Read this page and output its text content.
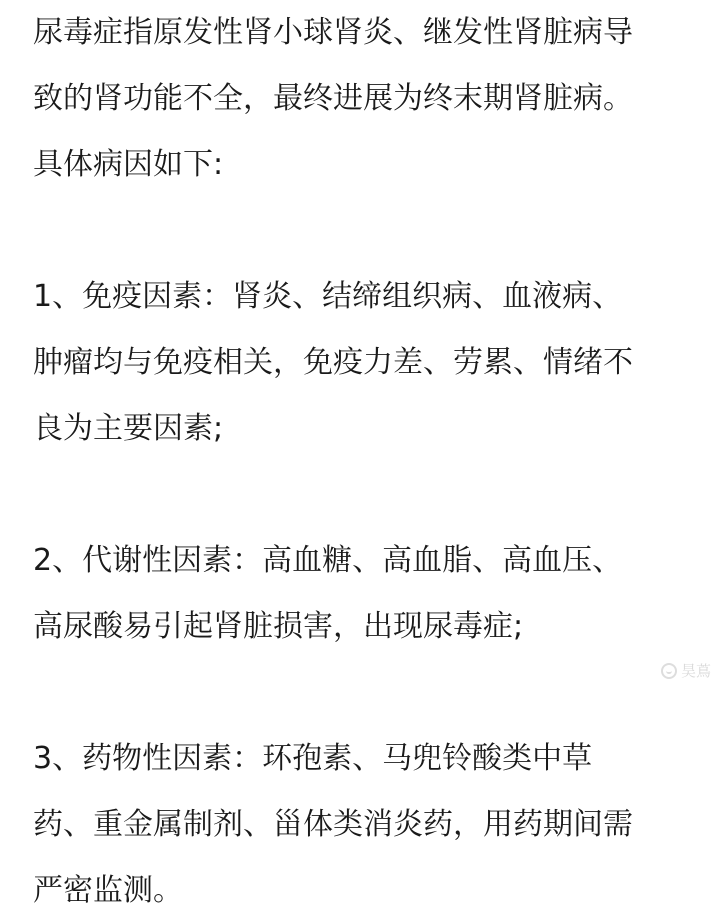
尿毒症指原发性肾小球肾炎、继发性肾脏病导
致的肾功能不全，最终进展为终末期肾脏病。
具体病因如下:
1、免疫因素：肾炎、结缔组织病、血液病、
肿瘤均与免疫相关，免疫力差、劳累、情绪不
良为主要因素;
2、代谢性因素：高血糖、高血脂、高血压、
高尿酸易引起肾脏损害，出现尿毒症;
3、药物性因素：环孢素、马兜铃酸类中草
药、重金属制剂、甾体类消炎药，用药期间需
严密监测。
昊蔦
